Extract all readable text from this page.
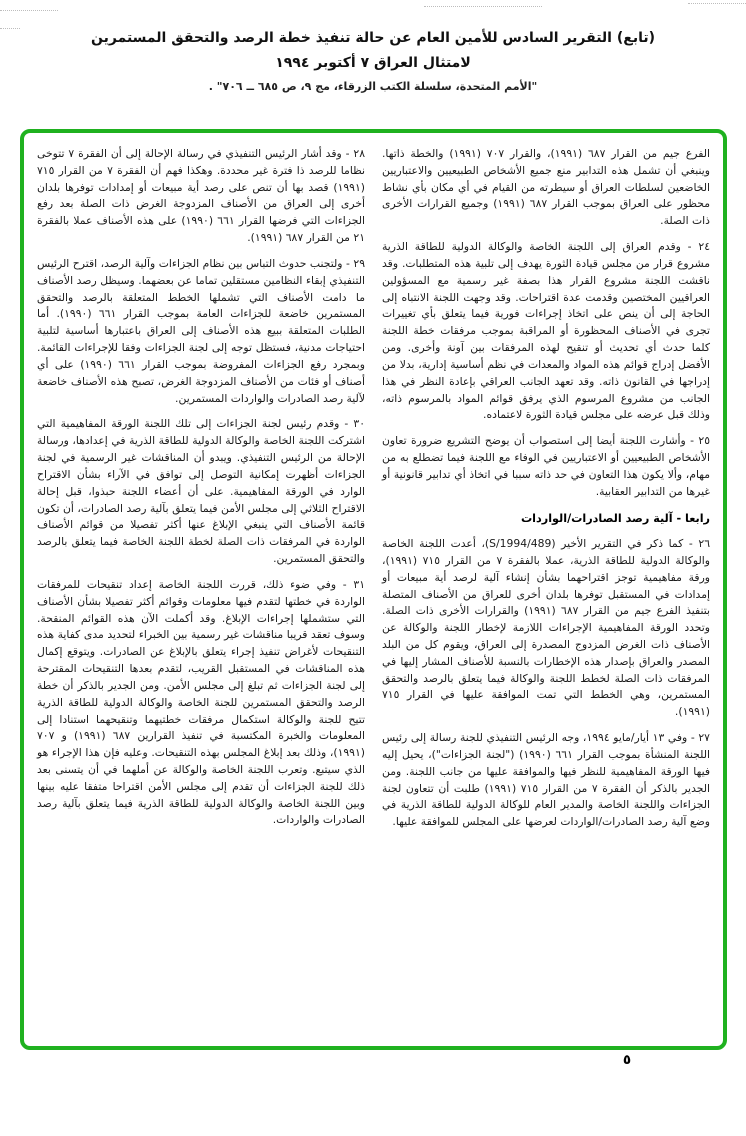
(تابع) التقرير السادس للأمين العام عن حالة تنفيذ خطة الرصد والتحقق المستمرين
لامتثال العراق ٧ أكتوبر ١٩٩٤
"الأمم المتحدة، سلسلة الكتب الزرقاء، مج ٩، ص ٦٨٥ ــ ٧٠٦" .

الفرع جيم من القرار ٦٨٧ (١٩٩١)، والقرار ٧٠٧ (١٩٩١) والخطة ذاتها. وينبغي أن تشمل هذه التدابير منع جميع الأشخاص الطبيعيين والاعتباريين الخاضعين لسلطات العراق أو سيطرته من القيام في أي مكان بأي نشاط محظور على العراق بموجب القرار ٦٨٧ (١٩٩١) وجميع القرارات الأخرى ذات الصلة.

٢٤ - وقدم العراق إلى اللجنة الخاصة والوكالة الدولية للطاقة الذرية مشروع قرار من مجلس قيادة الثورة يهدف إلى تلبية هذه المتطلبات. وقد ناقشت اللجنة مشروع القرار هذا بصفة غير رسمية مع المسؤولين العراقيين المختصين وقدمت عدة اقتراحات. وقد وجهت اللجنة الانتباه إلى الحاجة إلى أن ينص على اتخاذ إجراءات فورية فيما يتعلق بأي تغييرات تجرى في الأصناف المحظورة أو المراقبة بموجب مرفقات خطة اللجنة كلما حدث أي تحديث أو تنقيح لهذه المرفقات بين آونة وأخرى. ومن الأفضل إدراج قوائم هذه المواد والمعدات في نظم أساسية إدارية، بدلا من إدراجها في القانون ذاته. وقد تعهد الجانب العراقي بإعادة النظر في هذا الجانب من مشروع المرسوم الذي يرفق قوائم المواد بالمرسوم ذاته، وذلك قبل عرضه على مجلس قيادة الثورة لاعتماده.

٢٥ - وأشارت اللجنة أيضا إلى استصواب أن يوضح التشريع ضرورة تعاون الأشخاص الطبيعيين أو الاعتباريين في الوفاء مع اللجنة فيما تضطلع به من مهام، وألا يكون هذا التعاون في حد ذاته سببا في اتخاذ أي تدابير قانونية أو غيرها من التدابير العقابية.

رابعا - آلية رصد الصادرات/الواردات

٢٦ - كما ذكر في التقرير الأخير (S/1994/489)، أعدت اللجنة الخاصة والوكالة الدولية للطاقة الذرية، عملا بالفقرة ٧ من القرار ٧١٥ (١٩٩١)، ورقة مفاهيمية توجز اقتراحهما بشأن إنشاء آلية لرصد أية مبيعات أو إمدادات في المستقبل توفرها بلدان أخرى للعراق من الأصناف المتصلة بتنفيذ الفرع جيم من القرار ٦٨٧ (١٩٩١) والقرارات الأخرى ذات الصلة. وتحدد الورقة المفاهيمية الإجراءات اللازمة لإخطار اللجنة والوكالة عن الأصناف ذات الغرض المزدوج المصدرة إلى العراق، ويقوم كل من البلد المصدر والعراق بإصدار هذه الإخطارات بالنسبة للأصناف المشار إليها في المرفقات ذات الصلة لخطط اللجنة والوكالة فيما يتعلق بالرصد والتحقق المستمرين، وهي الخطط التي تمت الموافقة عليها في القرار ٧١٥ (١٩٩١).

٢٧ - وفي ١٣ أيار/مايو ١٩٩٤، وجه الرئيس التنفيذي للجنة رسالة إلى رئيس اللجنة المنشأة بموجب القرار ٦٦١ (١٩٩٠) ("لجنة الجزاءات")، يحيل إليه فيها الورقة المفاهيمية للنظر فيها والموافقة عليها من جانب اللجنة. ومن الجدير بالذكر أن الفقرة ٧ من القرار ٧١٥ (١٩٩١) طلبت أن تتعاون لجنة الجزاءات واللجنة الخاصة والمدير العام للوكالة الدولية للطاقة الذرية في وضع آلية رصد الصادرات/الواردات لعرضها على المجلس للموافقة عليها.

٢٨ - وقد أشار الرئيس التنفيذي في رسالة الإحالة إلى أن الفقرة ٧ تتوخى نظاما للرصد ذا فترة غير محددة. وهكذا فهم أن الفقرة ٧ من القرار ٧١٥ (١٩٩١) قصد بها أن تنص على رصد أية مبيعات أو إمدادات توفرها بلدان أخرى إلى العراق من الأصناف المزدوجة الغرض ذات الصلة بعد رفع الجزاءات التي فرضها القرار ٦٦١ (١٩٩٠) على هذه الأصناف عملا بالفقرة ٢١ من القرار ٦٨٧ (١٩٩١).

٢٩ - ولتجنب حدوث التباس بين نظام الجزاءات وآلية الرصد، اقترح الرئيس التنفيذي إبقاء النظامين مستقلين تماما عن بعضهما. وسيظل رصد الأصناف ما دامت الأصناف التي تشملها الخطط المتعلقة بالرصد والتحقق المستمرين خاضعة للجزاءات العامة بموجب القرار ٦٦١ (١٩٩٠). أما الطلبات المتعلقة ببيع هذه الأصناف إلى العراق باعتبارها أساسية لتلبية احتياجات مدنية، فستظل توجه إلى لجنة الجزاءات وفقا للإجراءات القائمة. وبمجرد رفع الجزاءات المفروضة بموجب القرار ٦٦١ (١٩٩٠) على أي أصناف أو فئات من الأصناف المزدوجة الغرض، تصبح هذه الأصناف خاضعة لآلية رصد الصادرات والواردات المستمرين.

٣٠ - وقدم رئيس لجنة الجزاءات إلى تلك اللجنة الورقة المفاهيمية التي اشتركت اللجنة الخاصة والوكالة الدولية للطاقة الذرية في إعدادها، ورسالة الإحالة من الرئيس التنفيذي. ويبدو أن المناقشات غير الرسمية في لجنة الجزاءات أظهرت إمكانية التوصل إلى توافق في الآراء بشأن الاقتراح الوارد في الورقة المفاهيمية. على أن أعضاء اللجنة حبذوا، قبل إحالة الاقتراح الثلاثي إلى مجلس الأمن فيما يتعلق بآلية رصد الصادرات، أن تكون قائمة الأصناف التي ينبغي الإبلاغ عنها أكثر تفصيلا من قوائم الأصناف الواردة في المرفقات ذات الصلة لخطة اللجنة الخاصة فيما يتعلق بالرصد والتحقق المستمرين.

٣١ - وفي ضوء ذلك، قررت اللجنة الخاصة إعداد تنقيحات للمرفقات الواردة في خطتها لتقدم فيها معلومات وقوائم أكثر تفصيلا بشأن الأصناف التي ستشملها إجراءات الإبلاغ. وقد أكملت الآن هذه القوائم المنقحة. وسوف تعقد قريبا مناقشات غير رسمية بين الخبراء لتحديد مدى كفاية هذه التنقيحات لأغراض تنفيذ إجراء يتعلق بالإبلاغ عن الصادرات. ويتوقع إكمال هذه المناقشات في المستقبل القريب، لتقدم بعدها التنقيحات المقترحة إلى لجنة الجزاءات ثم تبلغ إلى مجلس الأمن. ومن الجدير بالذكر أن خطة الرصد والتحقق المستمرين للجنة الخاصة والوكالة الدولية للطاقة الذرية تتيح للجنة والوكالة استكمال مرفقات خطتيهما وتنقيحهما استنادا إلى المعلومات والخبرة المكتسبة في تنفيذ القرارين ٦٨٧ (١٩٩١) و ٧٠٧ (١٩٩١)، وذلك بعد إبلاغ المجلس بهذه التنقيحات. وعليه فإن هذا الإجراء هو الذي سيتبع. وتعرب اللجنة الخاصة والوكالة عن أملهما في أن يتسنى بعد ذلك للجنة الجزاءات أن تقدم إلى مجلس الأمن اقتراحا متفقا عليه بينها وبين اللجنة الخاصة والوكالة الدولية للطاقة الذرية فيما يتعلق بآلية رصد الصادرات والواردات.

٥
